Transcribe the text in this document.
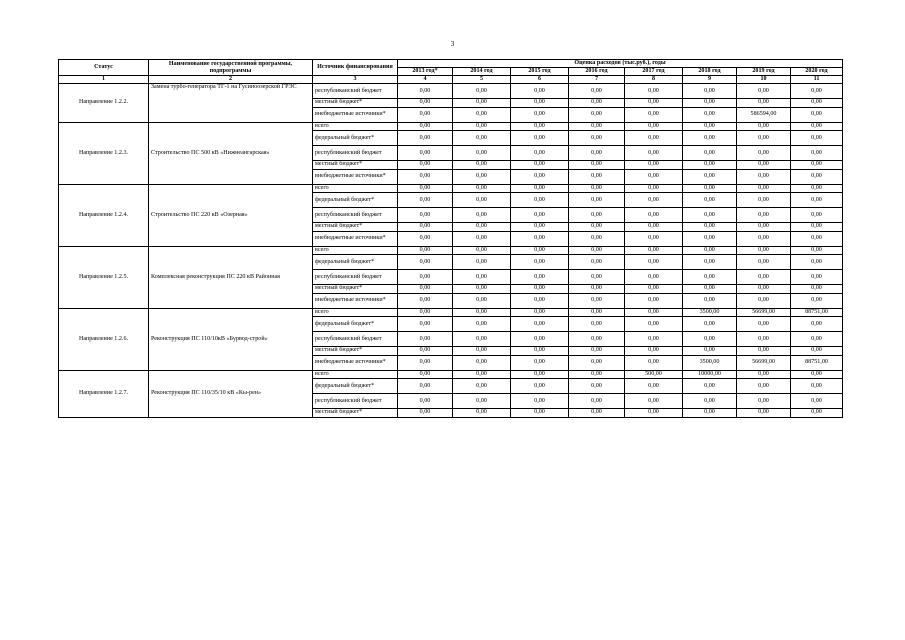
3
Статус	Наименование государственной программы, подпрограммы	Источник финансирования	Оценка расходов (тыс.руб.), годы							
			2013 год*	2014 год	2015 год	2016 год	2017 год	2018 год	2019 год	2020 год
1	2	3	4	5	6	7	8	9	10	11
Направление 1.2.2.	Замена турбо-генератора ТГ-1 на Гусиноозерской ГРЭС	республиканский бюджет	0,00	0,00	0,00	0,00	0,00	0,00	0,00	0,00
		местный бюджет*	0,00	0,00	0,00	0,00	0,00	0,00	0,00	0,00
		внебюджетные источники*	0,00	0,00	0,00	0,00	0,00	0,00	586594,00	0,00
Направление 1.2.3.	Строительство ПС 500 кВ «Нижнеангарская»	всего	0,00	0,00	0,00	0,00	0,00	0,00	0,00	0,00
		федеральный бюджет*	0,00	0,00	0,00	0,00	0,00	0,00	0,00	0,00
		республиканский бюджет	0,00	0,00	0,00	0,00	0,00	0,00	0,00	0,00
		местный бюджет*	0,00	0,00	0,00	0,00	0,00	0,00	0,00	0,00
		внебюджетные источники*	0,00	0,00	0,00	0,00	0,00	0,00	0,00	0,00
Направление 1.2.4.	Строительство ПС 220 кВ «Озерная»	всего	0,00	0,00	0,00	0,00	0,00	0,00	0,00	0,00
		федеральный бюджет*	0,00	0,00	0,00	0,00	0,00	0,00	0,00	0,00
		республиканский бюджет	0,00	0,00	0,00	0,00	0,00	0,00	0,00	0,00
		местный бюджет*	0,00	0,00	0,00	0,00	0,00	0,00	0,00	0,00
		внебюджетные источники*	0,00	0,00	0,00	0,00	0,00	0,00	0,00	0,00
Направление 1.2.5.	Комплексная реконструкция ПС 220 кВ Районная	всего	0,00	0,00	0,00	0,00	0,00	0,00	0,00	0,00
		федеральный бюджет*	0,00	0,00	0,00	0,00	0,00	0,00	0,00	0,00
		республиканский бюджет	0,00	0,00	0,00	0,00	0,00	0,00	0,00	0,00
		местный бюджет*	0,00	0,00	0,00	0,00	0,00	0,00	0,00	0,00
		внебюджетные источники*	0,00	0,00	0,00	0,00	0,00	0,00	0,00	0,00
Направление 1.2.6.	Реконструкция ПС 110/10кВ «Бурвод-строй»	всего	0,00	0,00	0,00	0,00	0,00	3500,00	56699,00	88751,00
		федеральный бюджет*	0,00	0,00	0,00	0,00	0,00	0,00	0,00	0,00
		республиканский бюджет	0,00	0,00	0,00	0,00	0,00	0,00	0,00	0,00
		местный бюджет*	0,00	0,00	0,00	0,00	0,00	0,00	0,00	0,00
		внебюджетные источники*	0,00	0,00	0,00	0,00	0,00	3500,00	56699,00	88751,00
Направление 1.2.7.	Реконструкция ПС 110/35/10 кВ «Кы-рен»	всего	0,00	0,00	0,00	0,00	500,00	10000,00	0,00	0,00
		федеральный бюджет*	0,00	0,00	0,00	0,00	0,00	0,00	0,00	0,00
		республиканский бюджет	0,00	0,00	0,00	0,00	0,00	0,00	0,00	0,00
		местный бюджет*	0,00	0,00	0,00	0,00	0,00	0,00	0,00	0,00
